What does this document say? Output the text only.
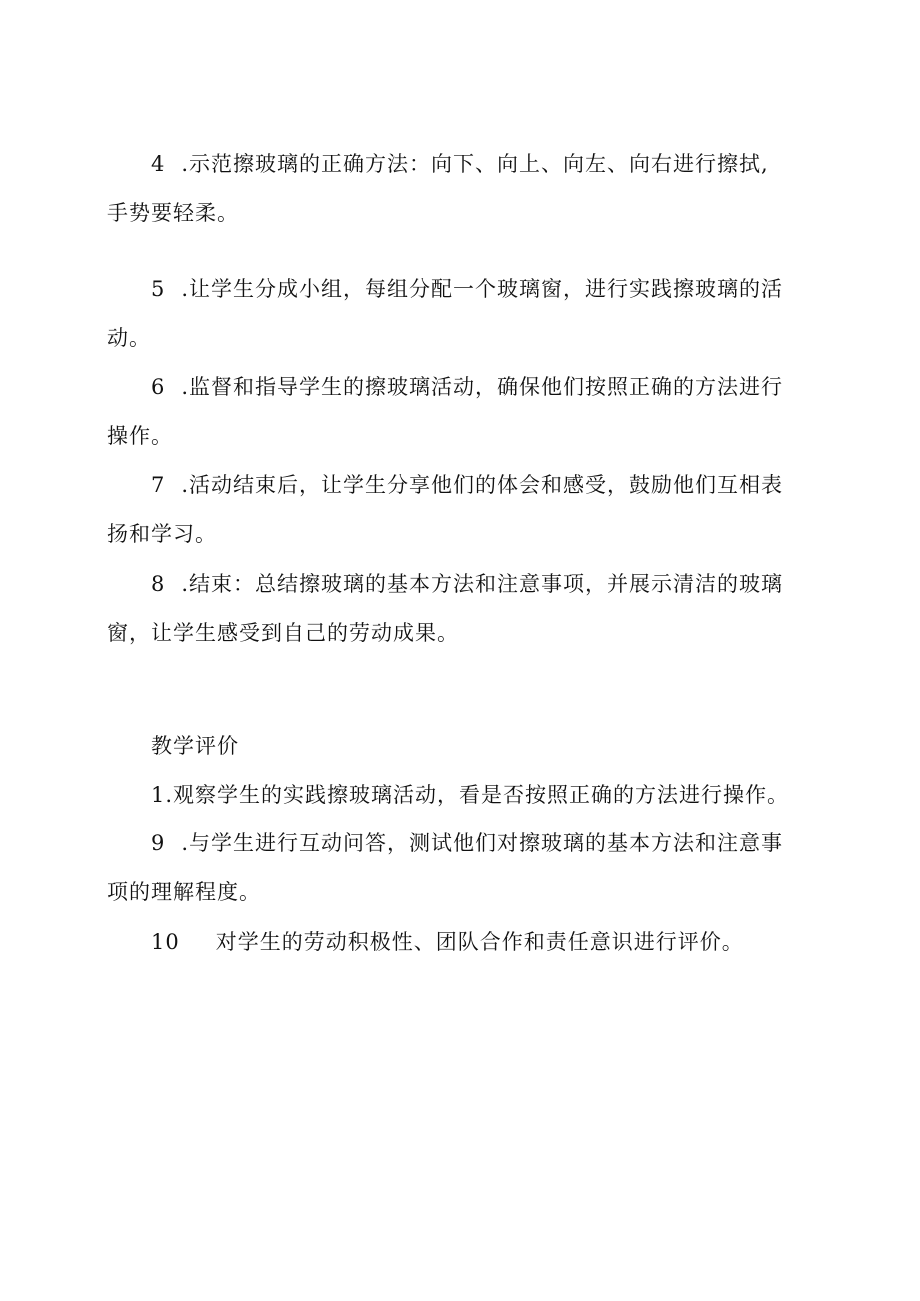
4 .示范擦玻璃的正确方法：向下、向上、向左、向右进行擦拭,
手势要轻柔。
5 .让学生分成小组，每组分配一个玻璃窗，进行实践擦玻璃的活
动。
6 .监督和指导学生的擦玻璃活动，确保他们按照正确的方法进行
操作。
7 .活动结束后，让学生分享他们的体会和感受，鼓励他们互相表
扬和学习。
8 .结束：总结擦玻璃的基本方法和注意事项，并展示清洁的玻璃
窗，让学生感受到自己的劳动成果。
教学评价
1.观察学生的实践擦玻璃活动，看是否按照正确的方法进行操作。
9 .与学生进行互动问答，测试他们对擦玻璃的基本方法和注意事
项的理解程度。
10 对学生的劳动积极性、团队合作和责任意识进行评价。
